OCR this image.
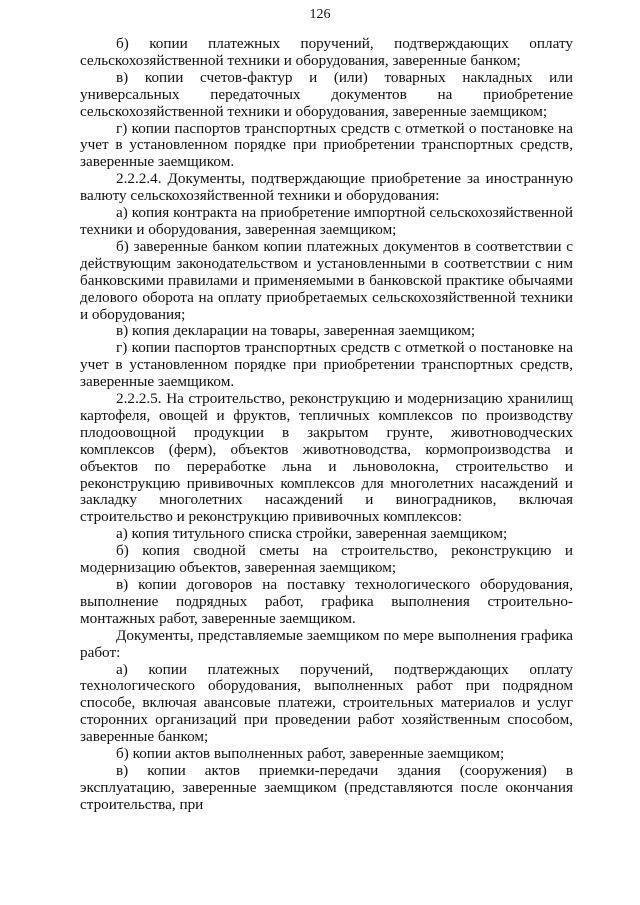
126

б) копии платежных поручений, подтверждающих оплату сельскохозяйственной техники и оборудования, заверенные банком;

в) копии счетов-фактур и (или) товарных накладных или универсальных передаточных документов на приобретение сельскохозяйственной техники и оборудования, заверенные заемщиком;

г) копии паспортов транспортных средств с отметкой о постановке на учет в установленном порядке при приобретении транспортных средств, заверенные заемщиком.

2.2.2.4. Документы, подтверждающие приобретение за иностранную валюту сельскохозяйственной техники и оборудования:

а) копия контракта на приобретение импортной сельскохозяйственной техники и оборудования, заверенная заемщиком;

б) заверенные банком копии платежных документов в соответствии с действующим законодательством и установленными в соответствии с ним банковскими правилами и применяемыми в банковской практике обычаями делового оборота на оплату приобретаемых сельскохозяйственной техники и оборудования;

в) копия декларации на товары, заверенная заемщиком;

г) копии паспортов транспортных средств с отметкой о постановке на учет в установленном порядке при приобретении транспортных средств, заверенные заемщиком.

2.2.2.5. На строительство, реконструкцию и модернизацию хранилищ картофеля, овощей и фруктов, тепличных комплексов по производству плодоовощной продукции в закрытом грунте, животноводческих комплексов (ферм), объектов животноводства, кормопроизводства и объектов по переработке льна и льноволокна, строительство и реконструкцию прививочных комплексов для многолетних насаждений и закладку многолетних насаждений и виноградников, включая строительство и реконструкцию прививочных комплексов:

а) копия титульного списка стройки, заверенная заемщиком;

б) копия сводной сметы на строительство, реконструкцию и модернизацию объектов, заверенная заемщиком;

в) копии договоров на поставку технологического оборудования, выполнение подрядных работ, графика выполнения строительно-монтажных работ, заверенные заемщиком.

Документы, представляемые заемщиком по мере выполнения графика работ:

а) копии платежных поручений, подтверждающих оплату технологического оборудования, выполненных работ при подрядном способе, включая авансовые платежи, строительных материалов и услуг сторонних организаций при проведении работ хозяйственным способом, заверенные банком;

б) копии актов выполненных работ, заверенные заемщиком;

в) копии актов приемки-передачи здания (сооружения) в эксплуатацию, заверенные заемщиком (представляются после окончания строительства, при
